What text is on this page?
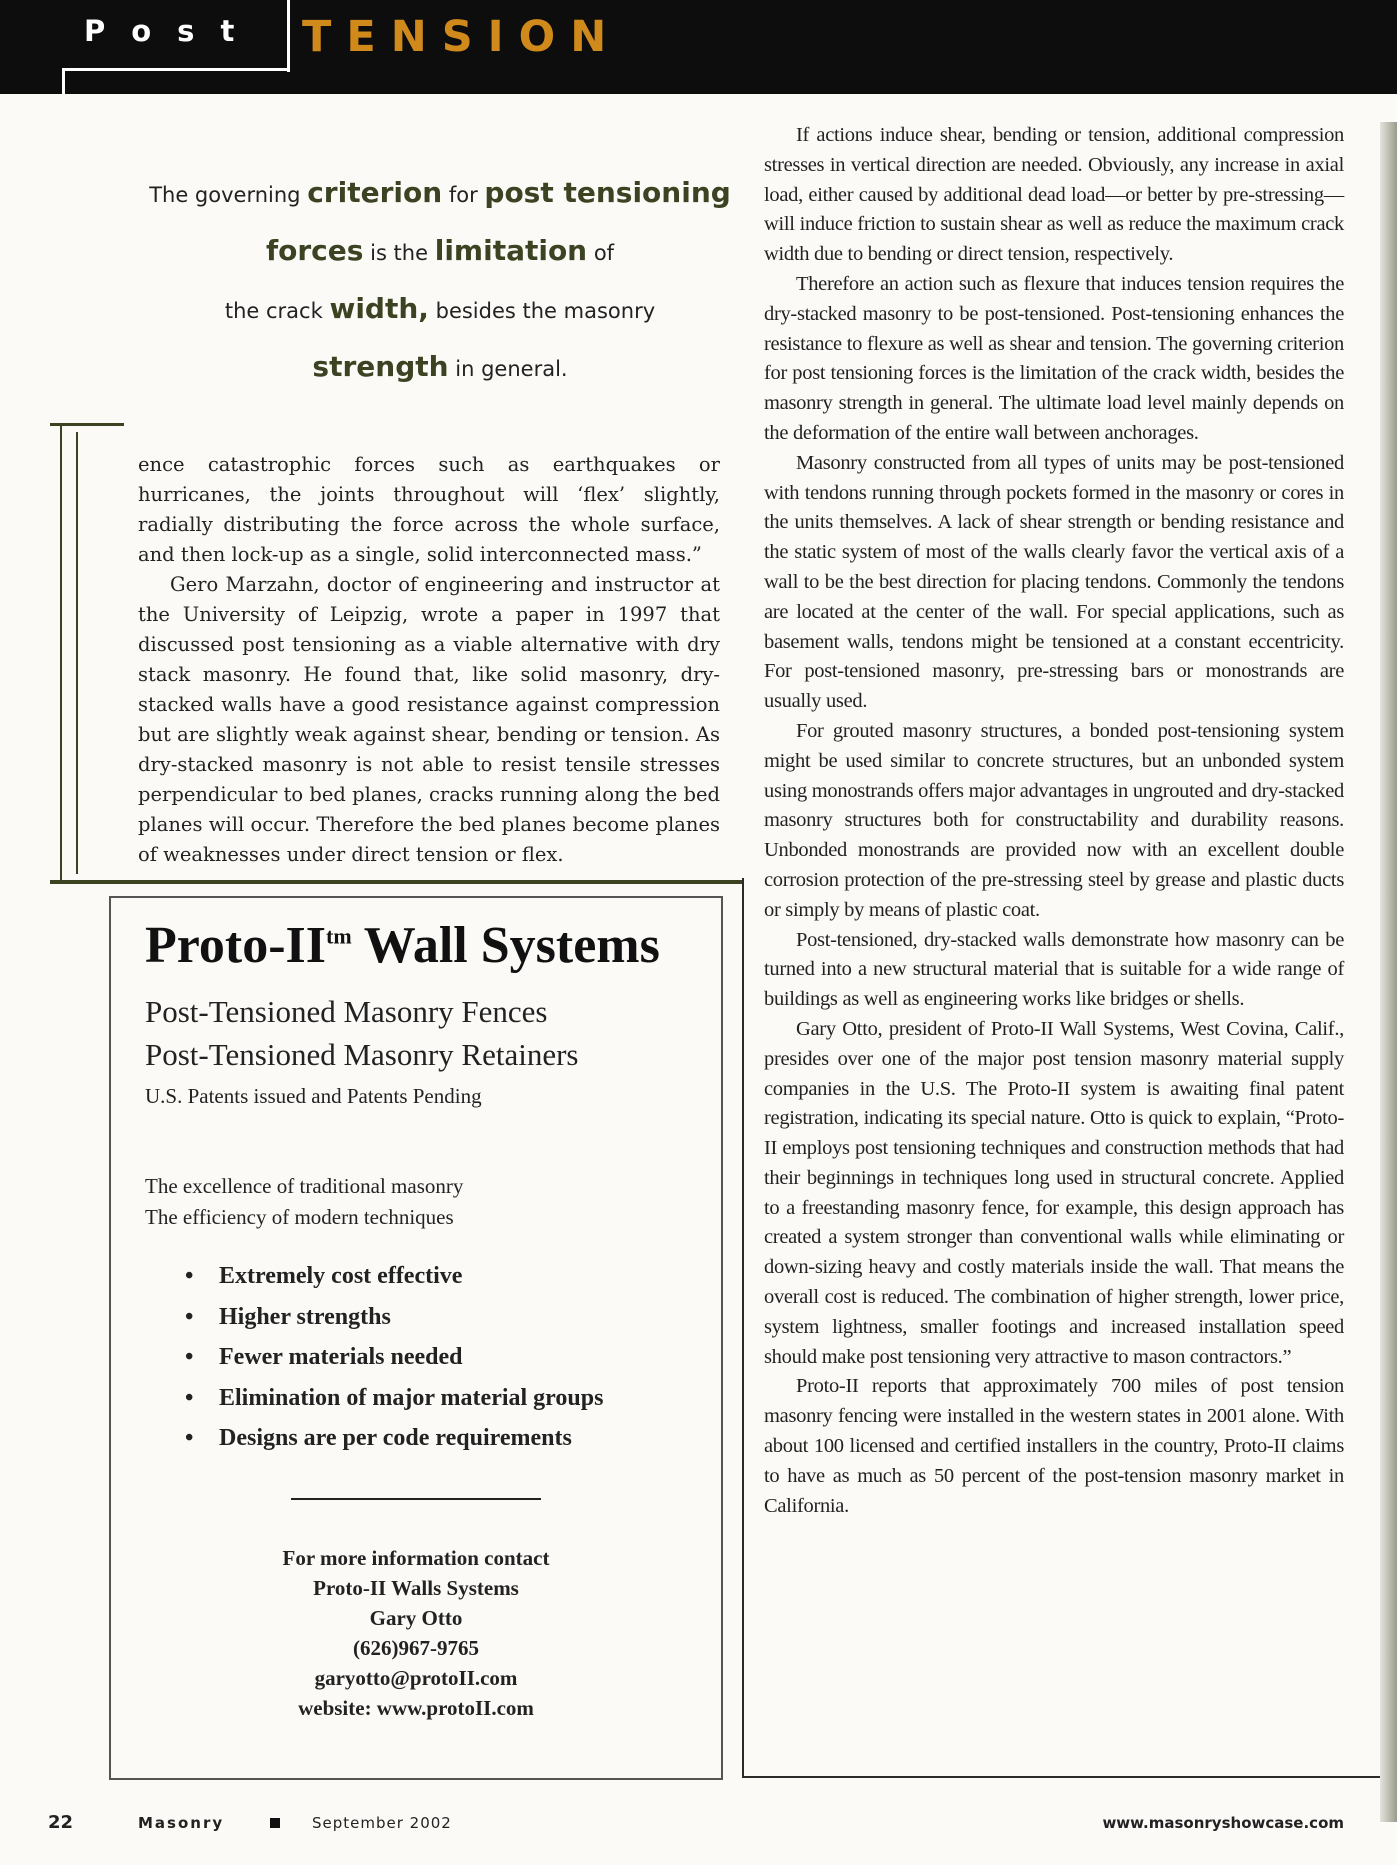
Post TENSION
The governing criterion for post tensioning
forces is the limitation of
the crack width, besides the masonry
strength in general.

ence catastrophic forces such as earthquakes or hurricanes, the joints throughout will ‘flex’ slightly, radially distributing the force across the whole surface, and then lock-up as a single, solid interconnected mass.”

Gero Marzahn, doctor of engineering and instructor at the University of Leipzig, wrote a paper in 1997 that discussed post tensioning as a viable alternative with dry stack masonry. He found that, like solid masonry, dry-stacked walls have a good resistance against compression but are slightly weak against shear, bending or tension. As dry-stacked masonry is not able to resist tensile stresses perpendicular to bed planes, cracks running along the bed planes will occur. Therefore the bed planes become planes of weaknesses under direct tension or flex.

If actions induce shear, bending or tension, additional compression stresses in vertical direction are needed. Obviously, any increase in axial load, either caused by additional dead load—or better by pre-stressing—will induce friction to sustain shear as well as reduce the maximum crack width due to bending or direct tension, respectively.

Therefore an action such as flexure that induces tension requires the dry-stacked masonry to be post-tensioned. Post-tensioning enhances the resistance to flexure as well as shear and tension. The governing criterion for post tensioning forces is the limitation of the crack width, besides the masonry strength in general. The ultimate load level mainly depends on the deformation of the entire wall between anchorages.

Masonry constructed from all types of units may be post-tensioned with tendons running through pockets formed in the masonry or cores in the units themselves. A lack of shear strength or bending resistance and the static system of most of the walls clearly favor the vertical axis of a wall to be the best direction for placing tendons. Commonly the tendons are located at the center of the wall. For special applications, such as basement walls, tendons might be tensioned at a constant eccentricity. For post-tensioned masonry, pre-stressing bars or monostrands are usually used.

For grouted masonry structures, a bonded post-tensioning system might be used similar to concrete structures, but an unbonded system using monostrands offers major advantages in ungrouted and dry-stacked masonry structures both for constructability and durability reasons. Unbonded monostrands are provided now with an excellent double corrosion protection of the pre-stressing steel by grease and plastic ducts or simply by means of plastic coat.

Post-tensioned, dry-stacked walls demonstrate how masonry can be turned into a new structural material that is suitable for a wide range of buildings as well as engineering works like bridges or shells.

Gary Otto, president of Proto-II Wall Systems, West Covina, Calif., presides over one of the major post tension masonry material supply companies in the U.S. The Proto-II system is awaiting final patent registration, indicating its special nature. Otto is quick to explain, “Proto-II employs post tensioning techniques and construction methods that had their beginnings in techniques long used in structural concrete. Applied to a freestanding masonry fence, for example, this design approach has created a system stronger than conventional walls while eliminating or down-sizing heavy and costly materials inside the wall. That means the overall cost is reduced. The combination of higher strength, lower price, system lightness, smaller footings and increased installation speed should make post tensioning very attractive to mason contractors.”

Proto-II reports that approximately 700 miles of post tension masonry fencing were installed in the western states in 2001 alone. With about 100 licensed and certified installers in the country, Proto-II claims to have as much as 50 percent of the post-tension masonry market in California.

Proto-$II^{tm}$ Wall Systems
Post-Tensioned Masonry Fences
Post-Tensioned Masonry Retainers
U.S. Patents issued and Patents Pending
The excellence of traditional masonry
The efficiency of modern techniques
• Extremely cost effective
• Higher strengths
• Fewer materials needed
• Elimination of major material groups
• Designs are per code requirements
For more information contact
Proto-II Walls Systems
Gary Otto
(626)967-9765
garyotto@protoII.com
website: www.protoII.com
22	Masonry	September 2002	www.masonryshowcase.com
